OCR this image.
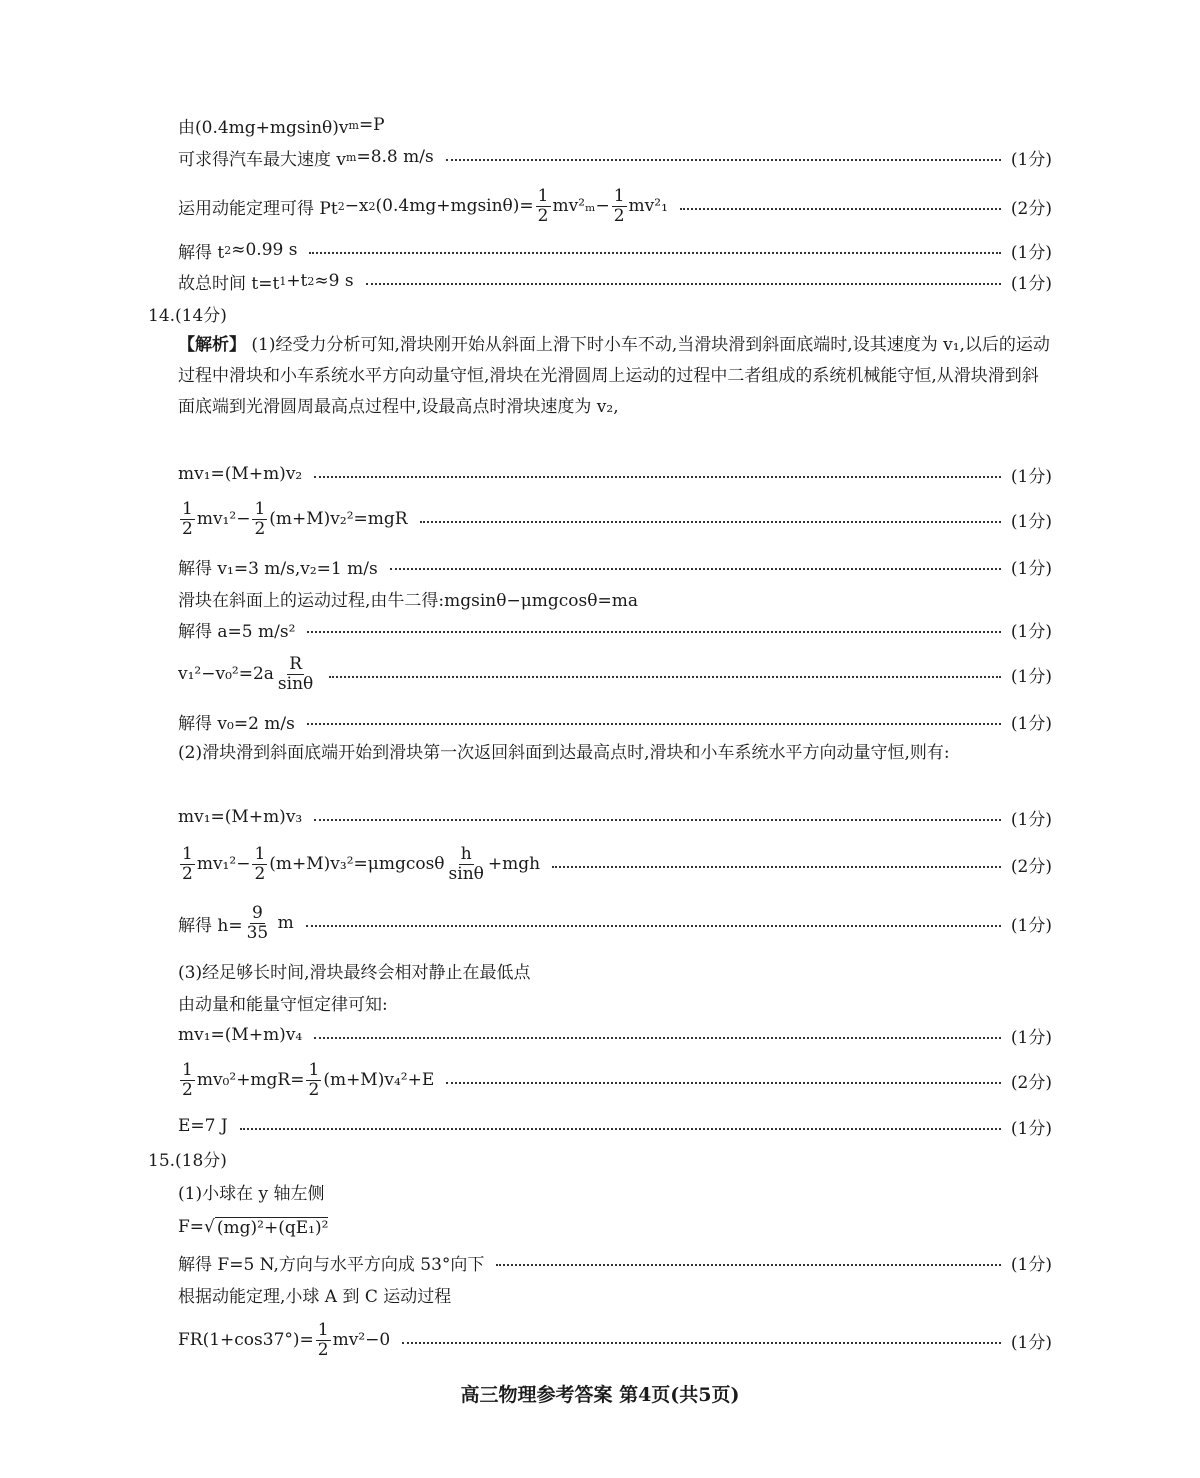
由(0.4mg+mgsinθ)v m =P
可求得汽车最大速度 v m =8.8 m/s	(1分)
运用动能定理可得 Pt 2 −x 2 $(0.4mg+mgsin\theta)= \frac{1}{2} mv^2_m - \frac{1}{2} mv^2_1$	(2分)
解得 t 2 ≈0.99 s	(1分)
故总时间 t=t 1 +t 2 ≈9 s	(1分)
14.(14分)
【解析】 (1)经受力分析可知,滑块刚开始从斜面上滑下时小车不动,当滑块滑到斜面底端时,设其速度为 v₁,以后的运动过程中滑块和小车系统水平方向动量守恒,滑块在光滑圆周上运动的过程中二者组成的系统机械能守恒,从滑块滑到斜面底端到光滑圆周最高点过程中,设最高点时滑块速度为 v₂,
mv₁=(M+m)v₂	(1分)
$\frac{1}{2} mv_1^2 - \frac{1}{2} (m+M)v_2^2=mgR$	(1分)
解得 v₁=3 m/s,v₂=1 m/s	(1分)
滑块在斜面上的运动过程,由牛二得:mgsinθ−μmgcosθ=ma
解得 a=5 m/s²	(1分)
$v_1^2-v_0^2=2a \frac{R}{\sin\theta}$	(1分)
解得 v₀=2 m/s	(1分)
(2)滑块滑到斜面底端开始到滑块第一次返回斜面到达最高点时,滑块和小车系统水平方向动量守恒,则有:
mv₁=(M+m)v₃	(1分)
$\frac{1}{2} mv_1^2 - \frac{1}{2} (m+M)v_3^2=\mu mgcos\theta \frac{h}{\sin\theta} +mgh$	(2分)
解得 $h= \frac{9}{35}$
m	(1分)
(3)经足够长时间,滑块最终会相对静止在最低点
由动量和能量守恒定律可知:
mv₁=(M+m)v₄	(1分)
$\frac{1}{2} mv_0^2 +mgR= \frac{1}{2} (m+M)v_4^2+E$	(2分)
E=7 J	(1分)
15.(18分)
(1)小球在 y 轴左侧
F= √ (mg)²+(qE₁)²
解得 F=5 N,方向与水平方向成 53°向下	(1分)
根据动能定理,小球 A 到 C 运动过程
$FR(1+\cos 37^\circ)= \frac{1}{2} mv^2-0$	(1分)
高三物理参考答案 第4页(共5页)
